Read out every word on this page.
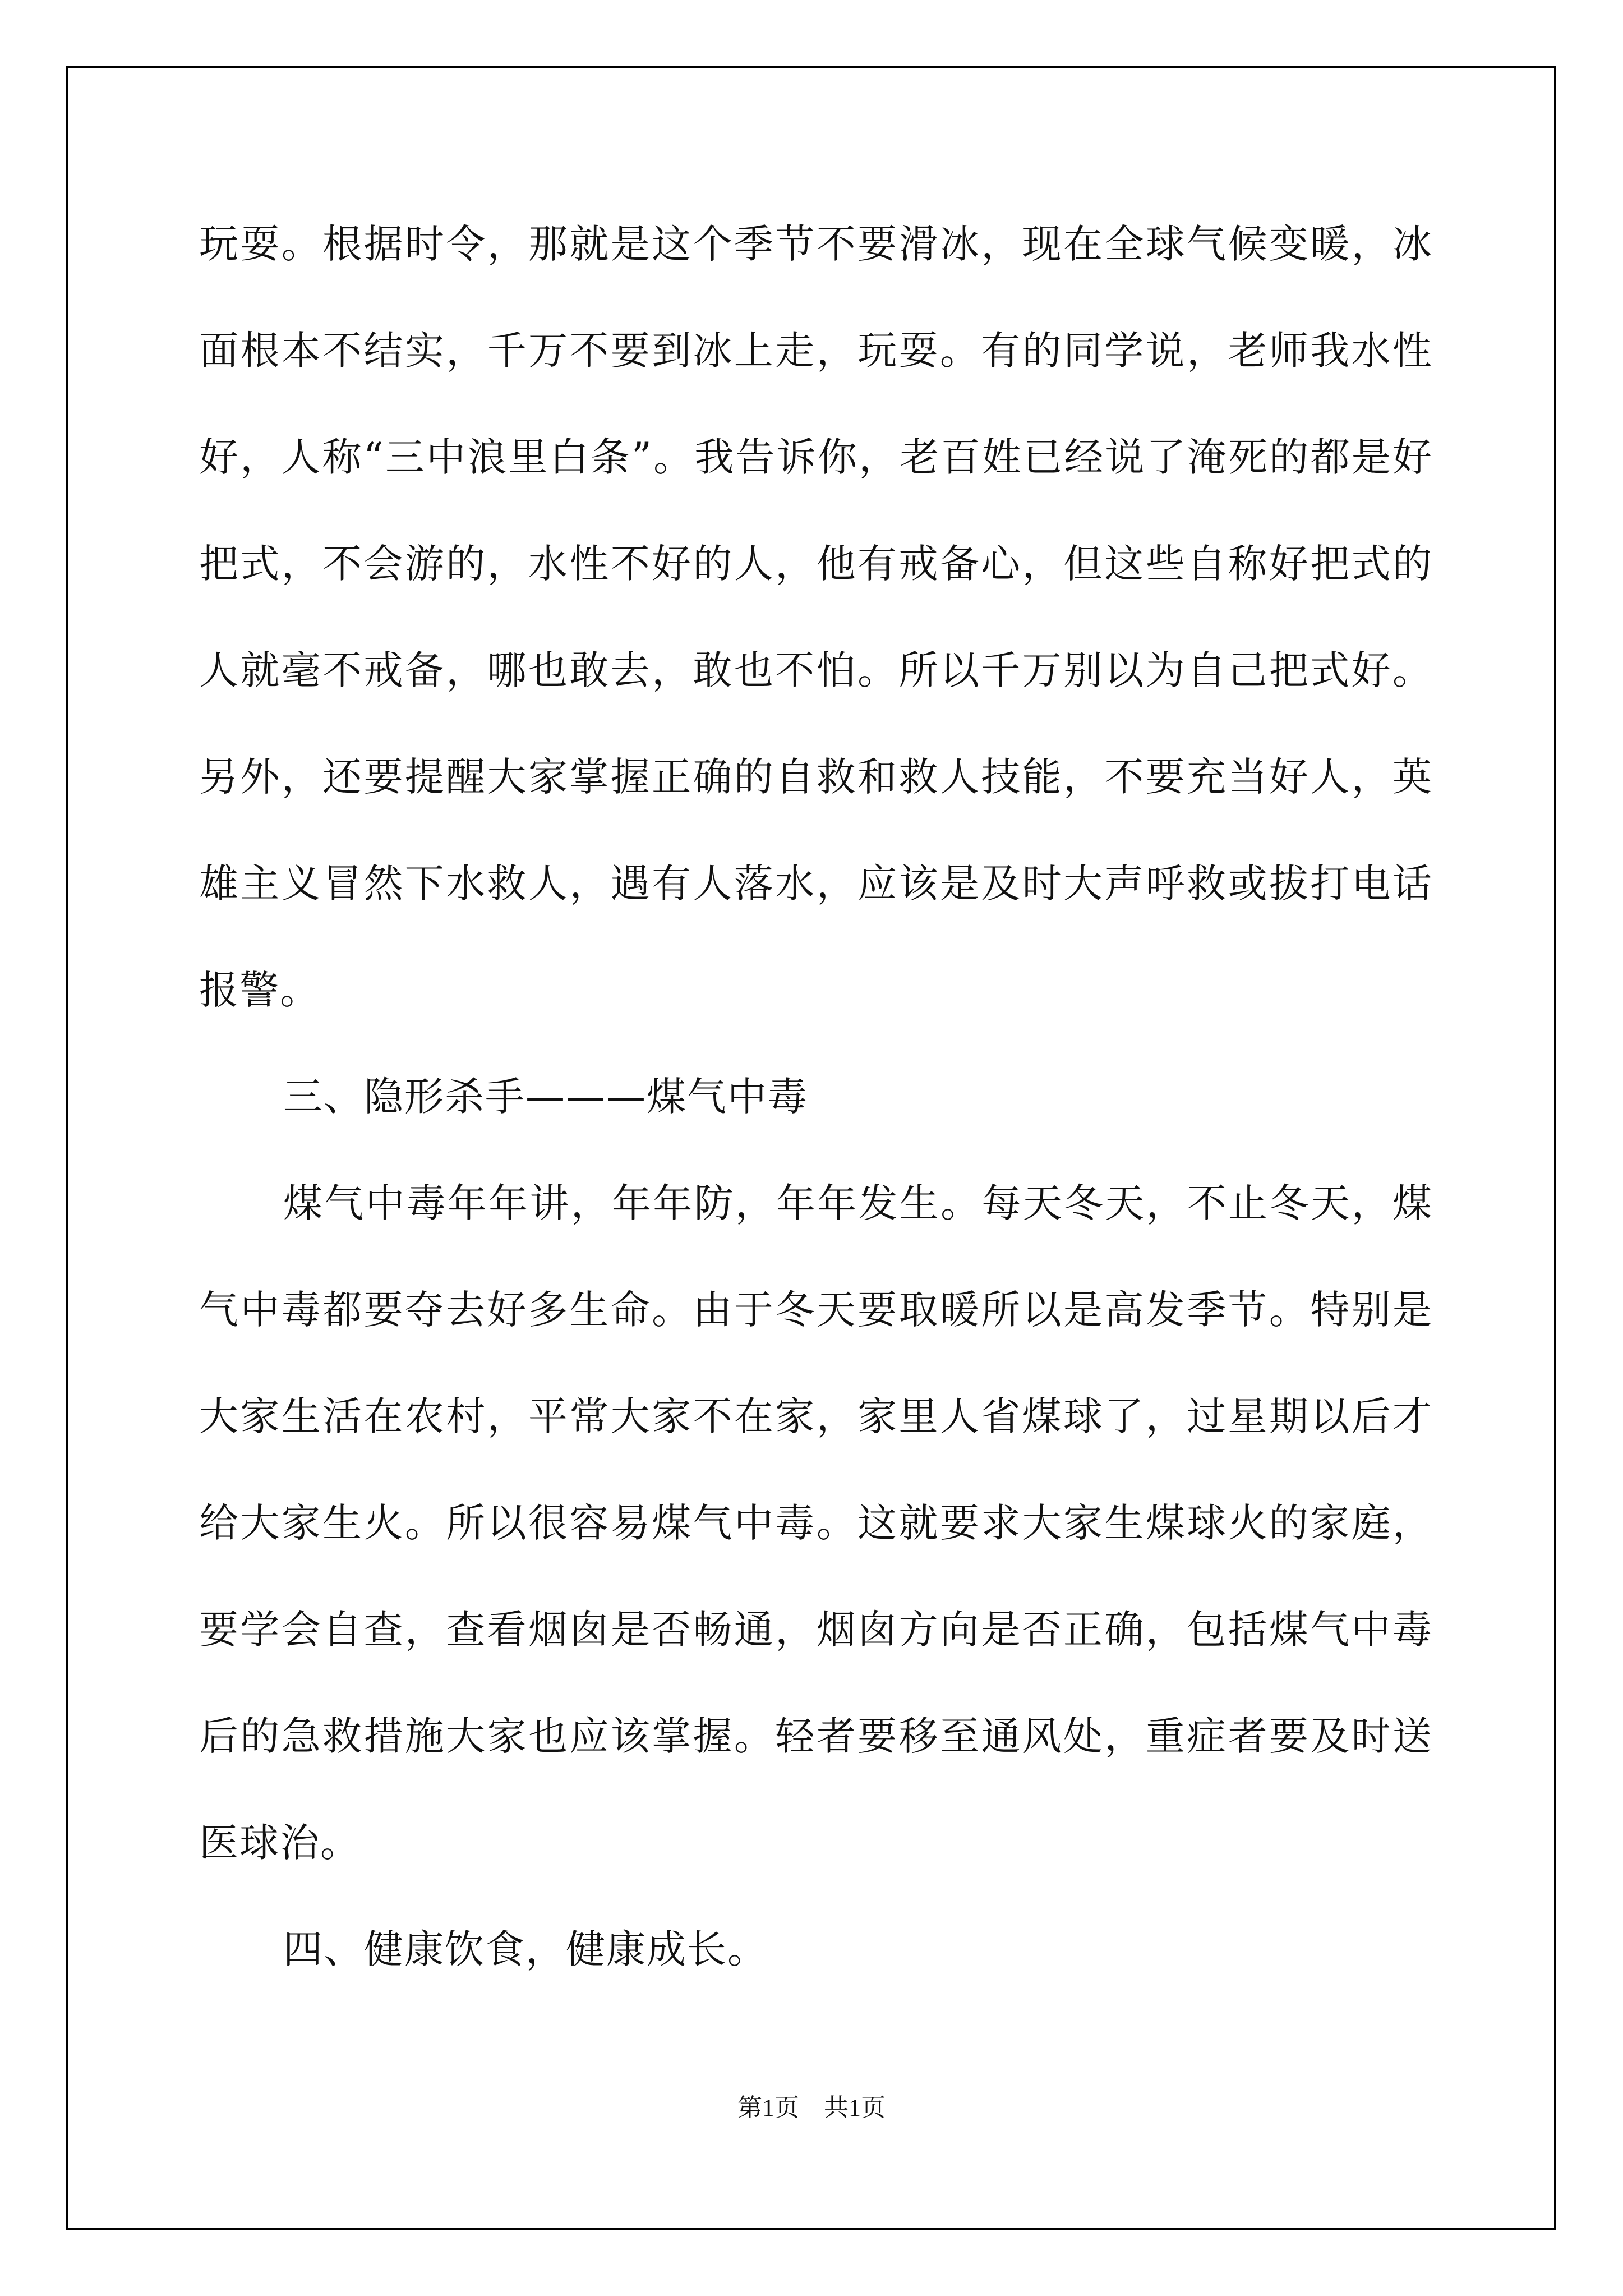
玩耍。根据时令，那就是这个季节不要滑冰，现在全球气候变暖，冰
面根本不结实，千万不要到冰上走，玩耍。有的同学说，老师我水性
好，人称“三中浪里白条”。我告诉你，老百姓已经说了淹死的都是好
把式，不会游的，水性不好的人，他有戒备心，但这些自称好把式的
人就毫不戒备，哪也敢去，敢也不怕。所以千万别以为自己把式好。
另外，还要提醒大家掌握正确的自救和救人技能，不要充当好人，英
雄主义冒然下水救人，遇有人落水，应该是及时大声呼救或拔打电话
报警。
三、隐形杀手———煤气中毒
煤气中毒年年讲，年年防，年年发生。每天冬天，不止冬天，煤
气中毒都要夺去好多生命。由于冬天要取暖所以是高发季节。特别是
大家生活在农村，平常大家不在家，家里人省煤球了，过星期以后才
给大家生火。所以很容易煤气中毒。这就要求大家生煤球火的家庭，
要学会自查，查看烟囱是否畅通，烟囱方向是否正确，包括煤气中毒
后的急救措施大家也应该掌握。轻者要移至通风处，重症者要及时送
医球治。
四、健康饮食，健康成长。
第1页　共1页
